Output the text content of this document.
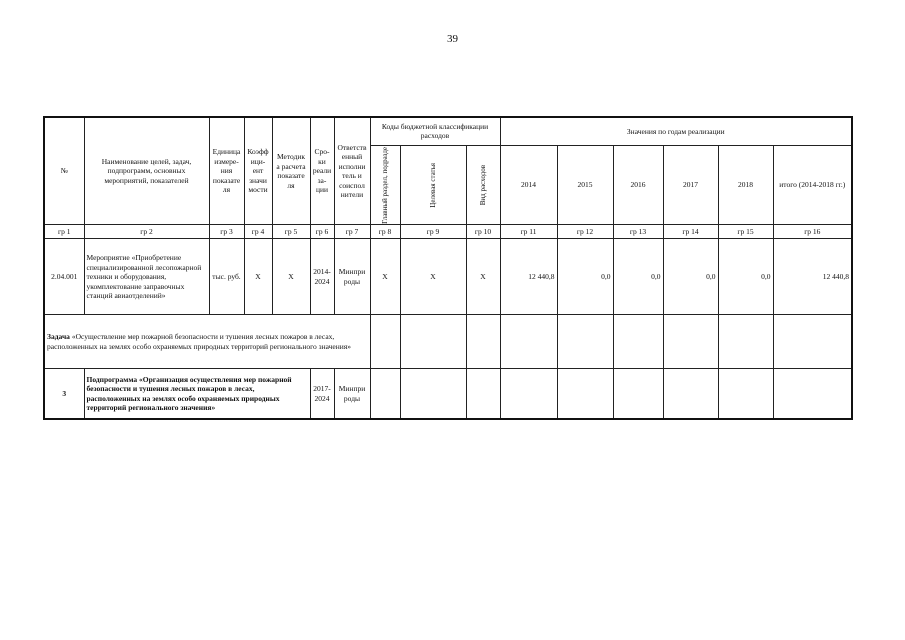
39
№	Наименование целей, задач, подпрограмм, основных мероприятий, показателей	Единица измере-ния показате ля	Коэфф ици-ент значи мости	Методик а расчета показате ля	Сро-ки реали за-ции	Ответств енный исполни тель и соиспол нители	Коды бюджетной классификации расходов			Значения по годам реализации					

							Главный раздел, подразде	Целевая статья	Вид расходов	2014	2015	2016	2017	2018	итого (2014-2018 гг.)
гр 1	гр 2	гр 3	гр 4	гр 5	гр 6	гр 7	гр 8	гр 9	гр 10	гр 11	гр 12	гр 13	гр 14	гр 15	гр 16
2.04.001	Мероприятие «Приобретение специализированной лесопожарной техники и оборудования, укомплектование заправочных станций авиаотделений»	тыс. руб.	X	X	2014-2024	Минпри роды	X	X	X	12 440,8	0,0	0,0	0,0	0,0	12 440,8
Задача «Осуществление мер пожарной безопасности и тушения лесных пожаров в лесах, расположенных на землях особо охраняемых природных территорий регионального значения»															
3	Подпрограмма «Организация осуществления мер пожарной безопасности и тушения лесных пожаров в лесах, расположенных на землях особо охраняемых природных территорий регионального значения»				2017-2024	Минпри роды									
